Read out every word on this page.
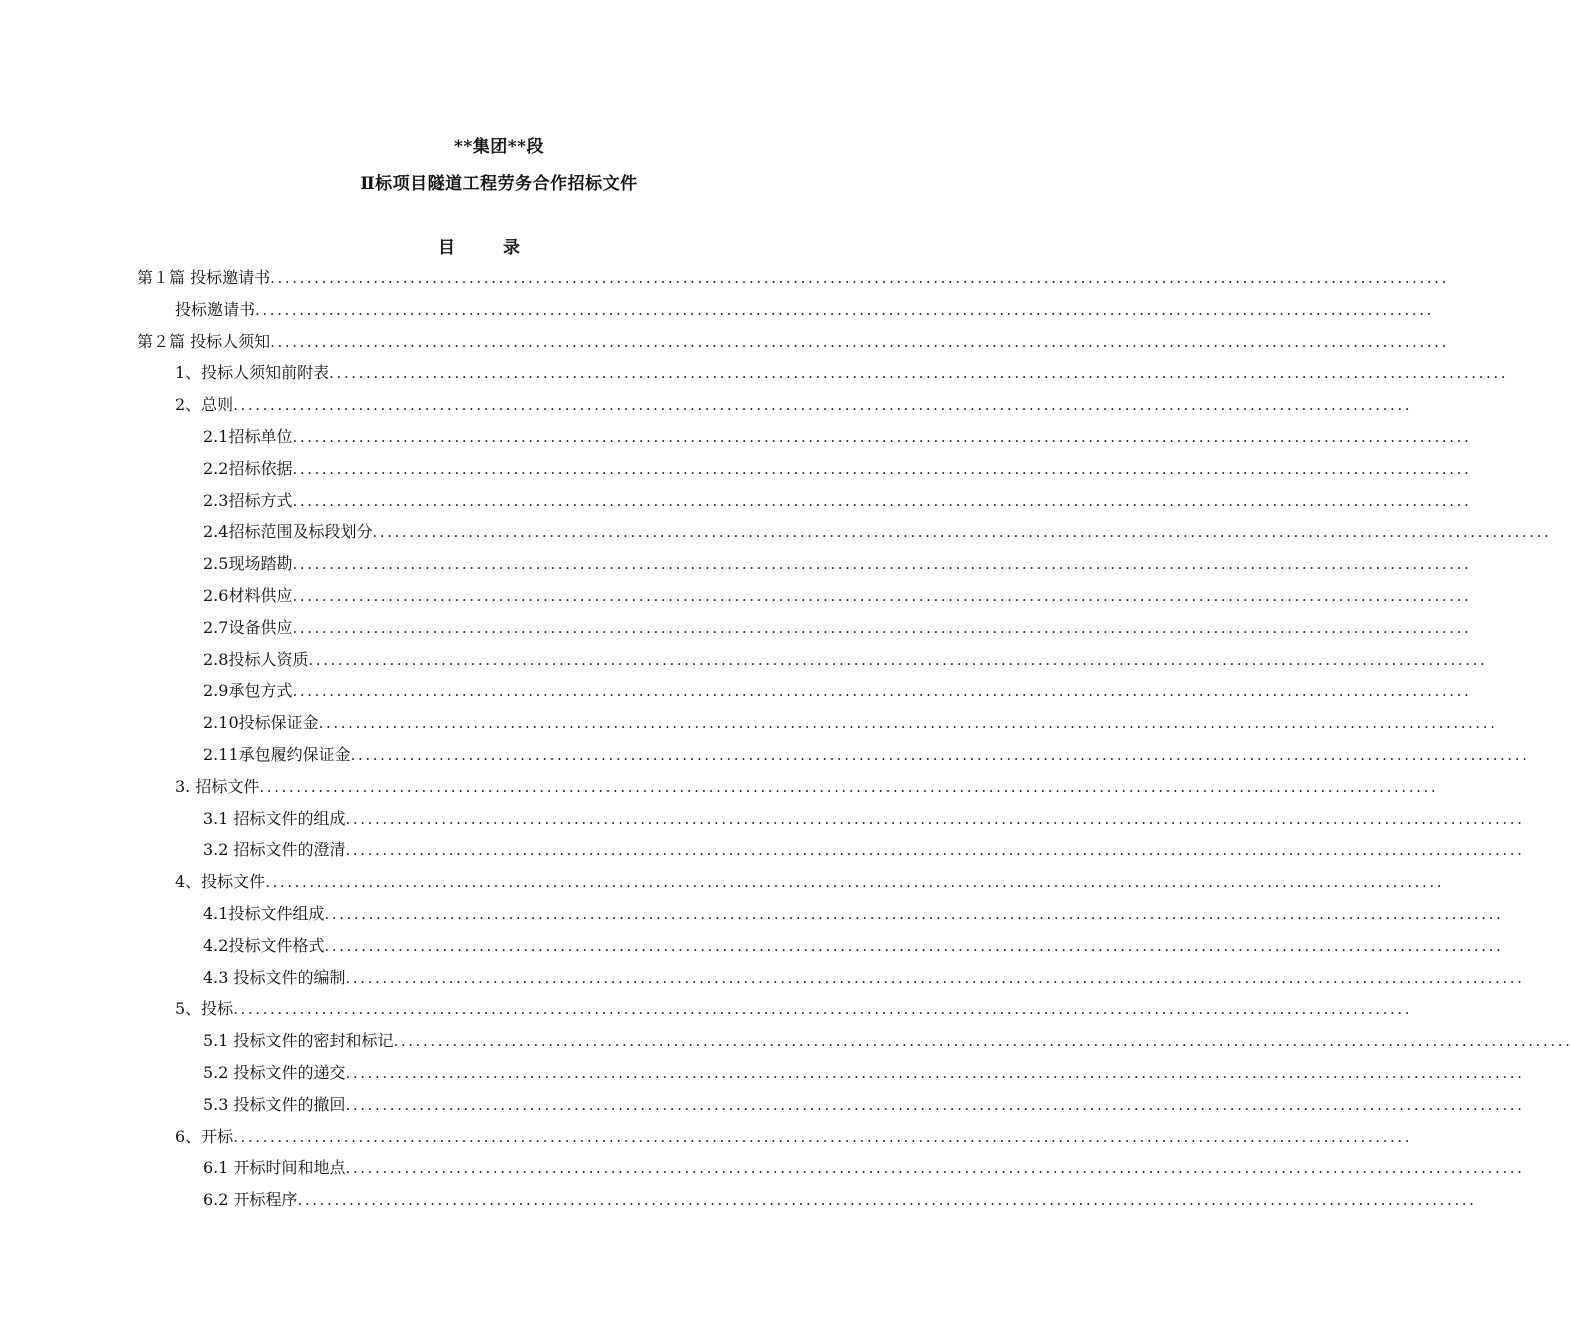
**集团**段
Ⅱ标项目隧道工程劳务合作招标文件
目录
第１篇 投标邀请书 ................................................................................................................................................................
投标邀请书 ................................................................................................................................................................
第２篇 投标人须知 ................................................................................................................................................................
1、投标人须知前附表 ................................................................................................................................................................
2、总则 ................................................................................................................................................................
2.1招标单位 ................................................................................................................................................................
2.2招标依据 ................................................................................................................................................................
2.3招标方式 ................................................................................................................................................................
2.4招标范围及标段划分 ................................................................................................................................................................
2.5现场踏勘 ................................................................................................................................................................
2.6材料供应 ................................................................................................................................................................
2.7设备供应 ................................................................................................................................................................
2.8投标人资质 ................................................................................................................................................................
2.9承包方式 ................................................................................................................................................................
2.10投标保证金 ................................................................................................................................................................
2.11承包履约保证金 ................................................................................................................................................................
3. 招标文件 ................................................................................................................................................................
3.1 招标文件的组成 ................................................................................................................................................................
3.2 招标文件的澄清 ................................................................................................................................................................
4、投标文件 ................................................................................................................................................................
4.1投标文件组成 ................................................................................................................................................................
4.2投标文件格式 ................................................................................................................................................................
4.3 投标文件的编制 ................................................................................................................................................................
5、投标 ................................................................................................................................................................
5.1 投标文件的密封和标记 ................................................................................................................................................................
5.2 投标文件的递交 ................................................................................................................................................................
5.3 投标文件的撤回 ................................................................................................................................................................
6、开标 ................................................................................................................................................................
6.1 开标时间和地点 ................................................................................................................................................................
6.2 开标程序 ................................................................................................................................................................
